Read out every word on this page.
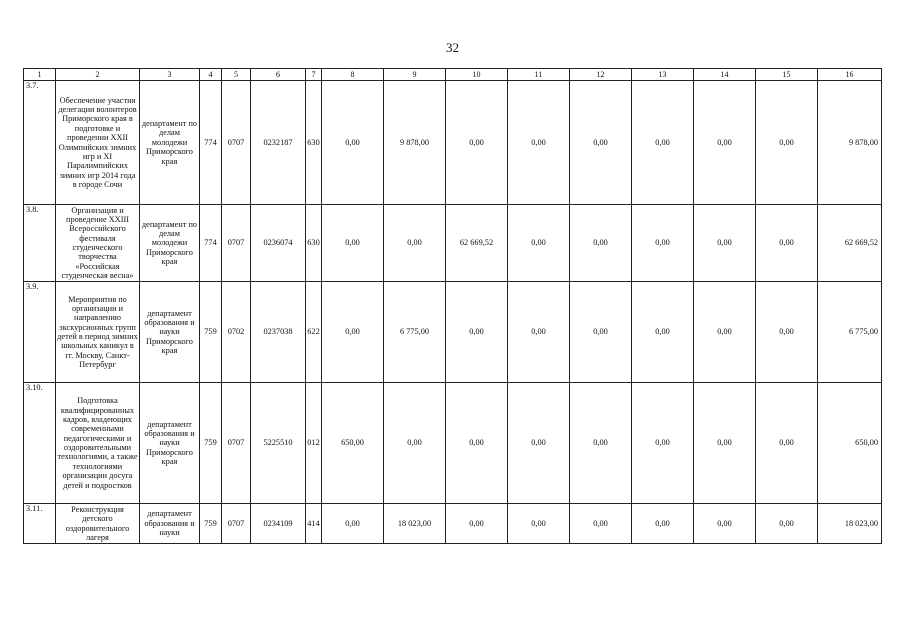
32
1	2	3	4	5	6	7	8	9	10	11	12	13	14	15	16
3.7.	Обеспечение участия делегации волонтеров Приморского края в подготовке и проведении XXII Олимпийских зимних игр и XI Паралимпийских зимних игр 2014 года в городе Сочи	департамент по делам молодежи Приморского края	774	0707	0232187	630	0,00	9 878,00	0,00	0,00	0,00	0,00	0,00	0,00	9 878,00
3.8.	Организация и проведение XXIII Всероссийского фестиваля студенческого творчества «Российская студенческая весна»	департамент по делам молодежи Приморского края	774	0707	0236074	630	0,00	0,00	62 669,52	0,00	0,00	0,00	0,00	0,00	62 669,52
3.9.	Мероприятия по организации и направлению экскурсионных групп детей в период зимних школьных каникул в гг. Москву, Санкт-Петербург	департамент образования и науки Приморского края	759	0702	0237038	622	0,00	6 775,00	0,00	0,00	0,00	0,00	0,00	0,00	6 775,00
3.10.	Подготовка квалифицированных кадров, владеющих современными педагогическими и оздоровительными технологиями, а также технологиями организации досуга детей и подростков	департамент образования и науки Приморского края	759	0707	5225510	012	650,00	0,00	0,00	0,00	0,00	0,00	0,00	0,00	650,00
3.11.	Реконструкция детского оздоровительного лагеря	департамент образования и науки	759	0707	0234109	414	0,00	18 023,00	0,00	0,00	0,00	0,00	0,00	0,00	18 023,00
